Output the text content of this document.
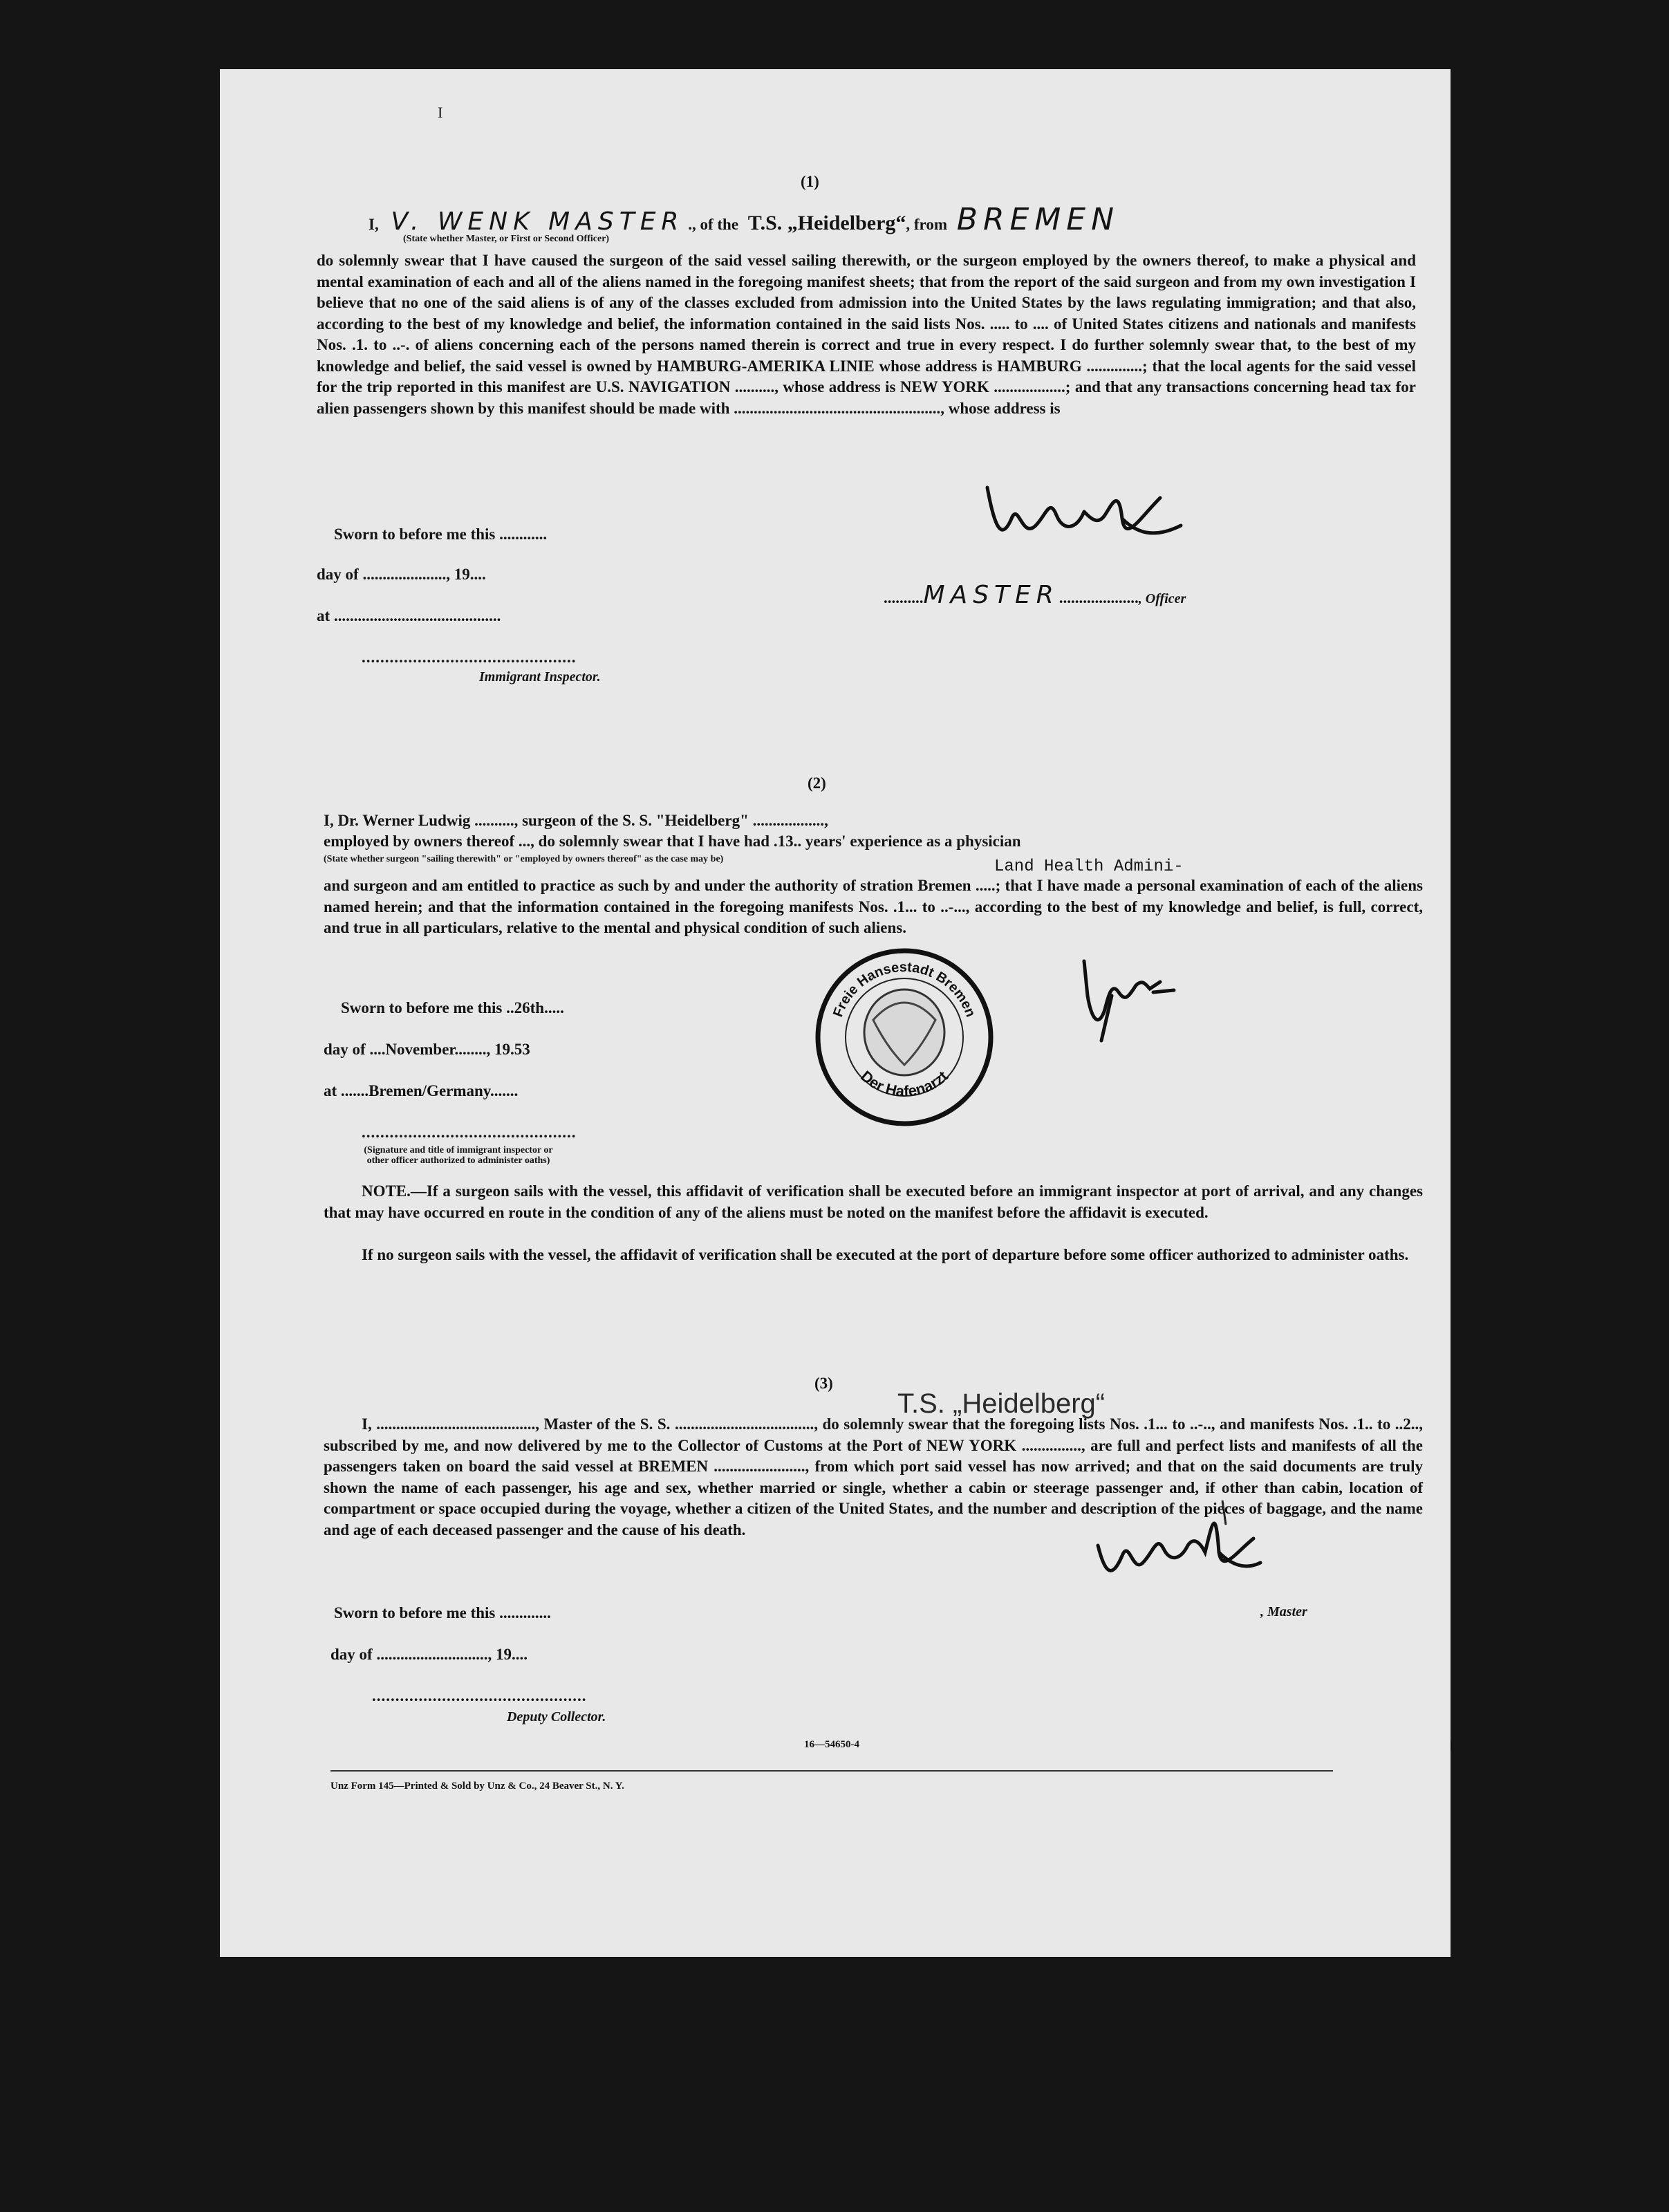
I
(1)
I, V. WENK MASTER ., of the T.S. „Heidelberg“, from BREMEN
(State whether Master, or First or Second Officer)
do solemnly swear that I have caused the surgeon of the said vessel sailing therewith, or the surgeon employed by the owners thereof, to make a physical and mental examination of each and all of the aliens named in the foregoing manifest sheets; that from the report of the said surgeon and from my own investigation I believe that no one of the said aliens is of any of the classes excluded from admission into the United States by the laws regulating immigration; and that also, according to the best of my knowledge and belief, the information contained in the said lists Nos. ..... to .... of United States citizens and nationals and manifests Nos. .1. to ..-. of aliens concerning each of the persons named therein is correct and true in every respect. I do further solemnly swear that, to the best of my knowledge and belief, the said vessel is owned by HAMBURG-AMERIKA LINIE whose address is HAMBURG ..............; that the local agents for the said vessel for the trip reported in this manifest are U.S. NAVIGATION .........., whose address is NEW YORK ..................; and that any transactions concerning head tax for alien passengers shown by this manifest should be made with ...................................................., whose address is
Sworn to before me this ............
day of ....................., 19....
at ..........................................
..............................................
Immigrant Inspector.
..........MASTER...................., Officer
(2)
I, Dr. Werner Ludwig .........., surgeon of the S. S. "Heidelberg" ..................,
employed by owners thereof ..., do solemnly swear that I have had .13.. years' experience as a physician
(State whether surgeon "sailing therewith" or "employed by owners thereof" as the case may be)	Land Health Admini-
and surgeon and am entitled to practice as such by and under the authority of stration Bremen .....; that I have made a personal examination of each of the aliens named herein; and that the information contained in the foregoing manifests Nos. .1... to ..-..., according to the best of my knowledge and belief, is full, correct, and true in all particulars, relative to the mental and physical condition of such aliens.
Sworn to before me this ..26th.....
day of ....November........, 19.53
at .......Bremen/Germany.......
..............................................
(Signature and title of immigrant inspector or other officer authorized to administer oaths)
Freie Hansestadt Bremen
Der Hafenarzt
NOTE.—If a surgeon sails with the vessel, this affidavit of verification shall be executed before an immigrant inspector at port of arrival, and any changes that may have occurred en route in the condition of any of the aliens must be noted on the manifest before the affidavit is executed.
If no surgeon sails with the vessel, the affidavit of verification shall be executed at the port of departure before some officer authorized to administer oaths.
(3)
T.S. „Heidelberg“
I, ........................................, Master of the S. S. ..................................., do solemnly swear that the foregoing lists Nos. .1... to ..-.., and manifests Nos. .1.. to ..2.., subscribed by me, and now delivered by me to the Collector of Customs at the Port of NEW YORK ..............., are full and perfect lists and manifests of all the passengers taken on board the said vessel at BREMEN ......................., from which port said vessel has now arrived; and that on the said documents are truly shown the name of each passenger, his age and sex, whether married or single, whether a cabin or steerage passenger and, if other than cabin, location of compartment or space occupied during the voyage, whether a citizen of the United States, and the number and description of the pieces of baggage, and the name and age of each deceased passenger and the cause of his death.
Sworn to before me this .............	, Master
day of ............................, 19....
..............................................
Deputy Collector.
16—54650-4
Unz Form 145—Printed & Sold by Unz & Co., 24 Beaver St., N. Y.
